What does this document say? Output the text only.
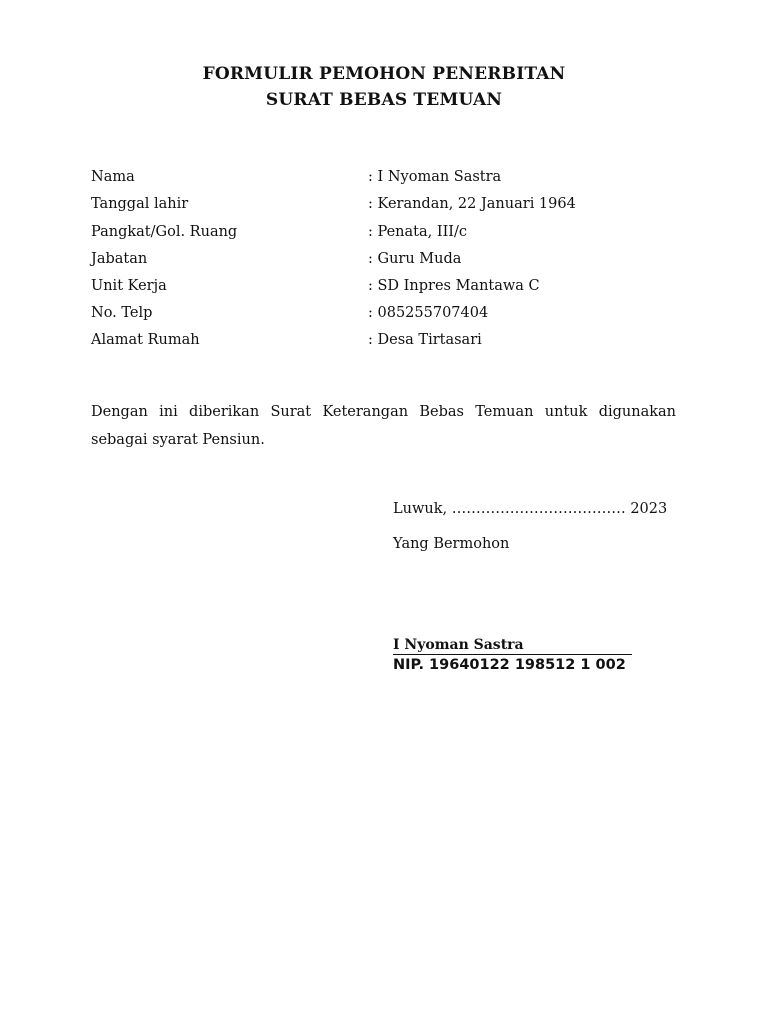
FORMULIR PEMOHON PENERBITAN
SURAT BEBAS TEMUAN
Nama	: I Nyoman Sastra
Tanggal lahir	: Kerandan, 22 Januari 1964
Pangkat/Gol. Ruang	: Penata, III/c
Jabatan	: Guru Muda
Unit Kerja	: SD Inpres Mantawa C
No. Telp	: 085255707404
Alamat Rumah	: Desa Tirtasari
Dengan ini diberikan Surat Keterangan Bebas Temuan untuk digunakan sebagai syarat Pensiun.
Luwuk, ……………………………… 2023
Yang Bermohon
I Nyoman Sastra
NIP. 19640122 198512 1 002
